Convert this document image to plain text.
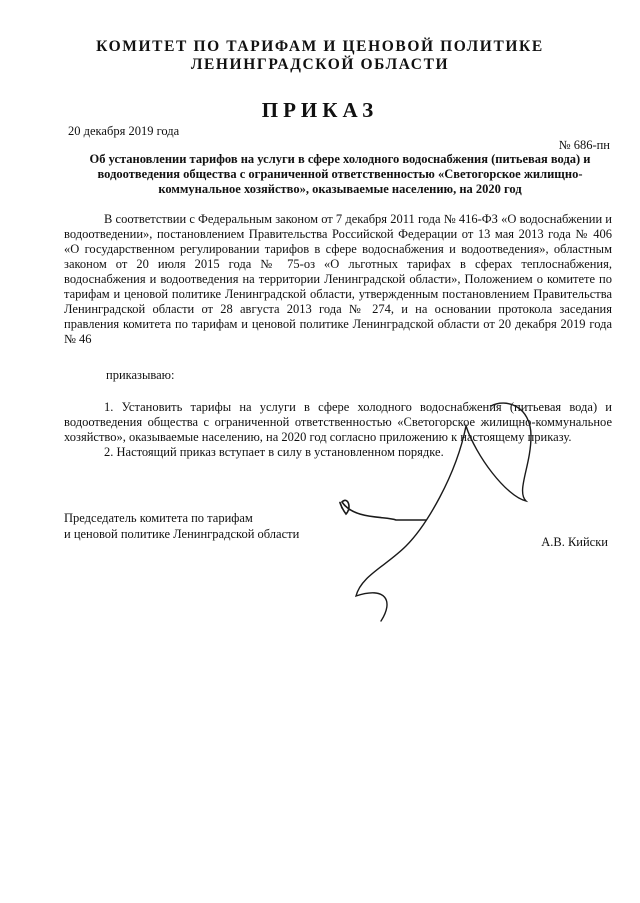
КОМИТЕТ ПО ТАРИФАМ И ЦЕНОВОЙ ПОЛИТИКЕ
ЛЕНИНГРАДСКОЙ ОБЛАСТИ
ПРИКАЗ
20 декабря 2019 года
№ 686-пн
Об установлении тарифов на услуги в сфере холодного водоснабжения (питьевая вода) и водоотведения общества с ограниченной ответственностью «Светогорское жилищно-коммунальное хозяйство», оказываемые населению, на 2020 год
В соответствии с Федеральным законом от 7 декабря 2011 года № 416-ФЗ «О водоснабжении и водоотведении», постановлением Правительства Российской Федерации от 13 мая 2013 года № 406 «О государственном регулировании тарифов в сфере водоснабжения и водоотведения», областным законом от 20 июля 2015 года № 75-оз «О льготных тарифах в сферах теплоснабжения, водоснабжения и водоотведения на территории Ленинградской области», Положением о комитете по тарифам и ценовой политике Ленинградской области, утвержденным постановлением Правительства Ленинградской области от 28 августа 2013 года № 274, и на основании протокола заседания правления комитета по тарифам и ценовой политике Ленинградской области от 20 декабря 2019 года № 46
приказываю:

1. Установить тарифы на услуги в сфере холодного водоснабжения (питьевая вода) и водоотведения общества с ограниченной ответственностью «Светогорское жилищно-коммунальное хозяйство», оказываемые населению, на 2020 год согласно приложению к настоящему приказу.

2. Настоящий приказ вступает в силу в установленном порядке.

Председатель комитета по тарифам
и ценовой политике Ленинградской области
А.В. Кийски
